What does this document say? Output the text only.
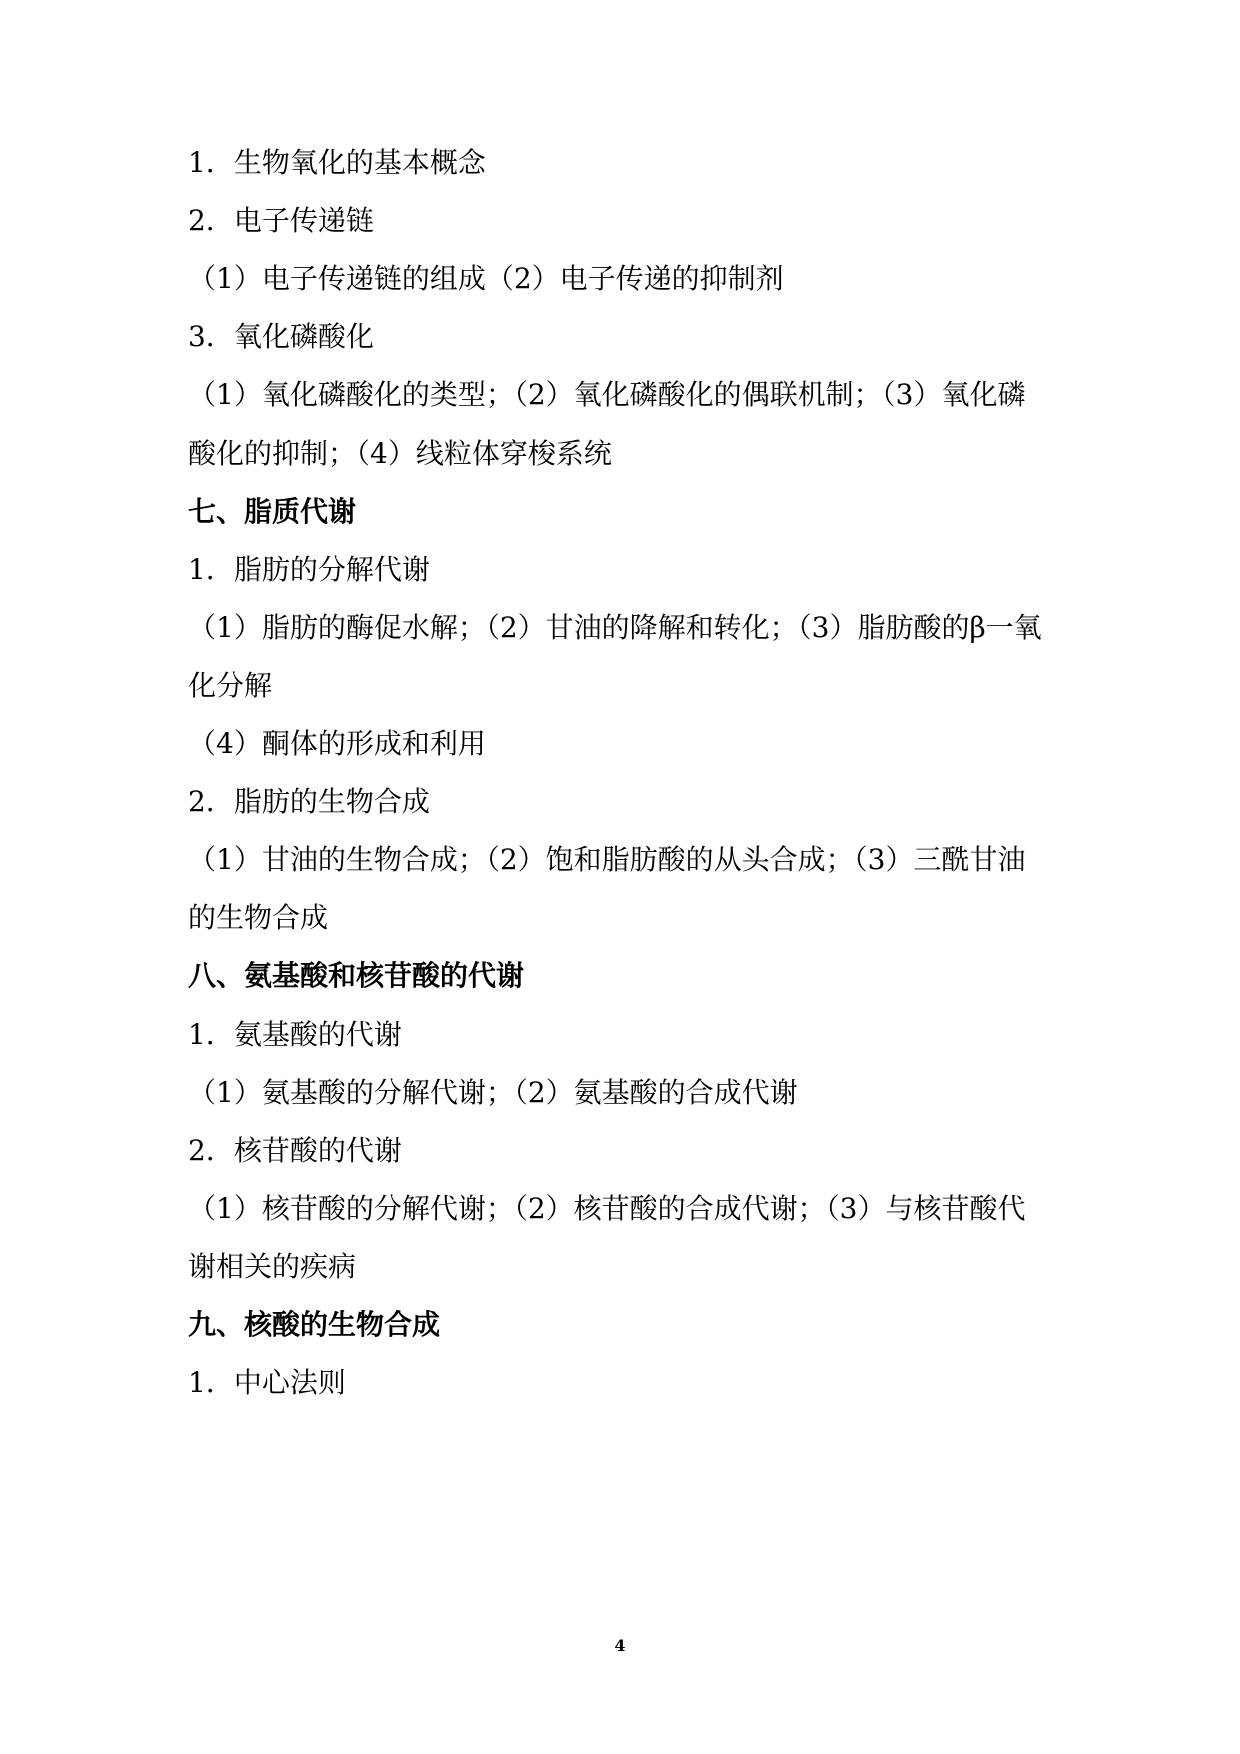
1．生物氧化的基本概念
2．电子传递链
（1）电子传递链的组成（2）电子传递的抑制剂
3．氧化磷酸化
（1）氧化磷酸化的类型；（2）氧化磷酸化的偶联机制；（3）氧化磷
酸化的抑制；（4）线粒体穿梭系统
七、脂质代谢
1．脂肪的分解代谢
（1）脂肪的酶促水解；（2）甘油的降解和转化；（3）脂肪酸的β一氧
化分解
（4）酮体的形成和利用
2．脂肪的生物合成
（1）甘油的生物合成；（2）饱和脂肪酸的从头合成；（3）三酰甘油
的生物合成
八、氨基酸和核苷酸的代谢
1．氨基酸的代谢
（1）氨基酸的分解代谢；（2）氨基酸的合成代谢
2．核苷酸的代谢
（1）核苷酸的分解代谢；（2）核苷酸的合成代谢；（3）与核苷酸代
谢相关的疾病
九、核酸的生物合成
1．中心法则
4
